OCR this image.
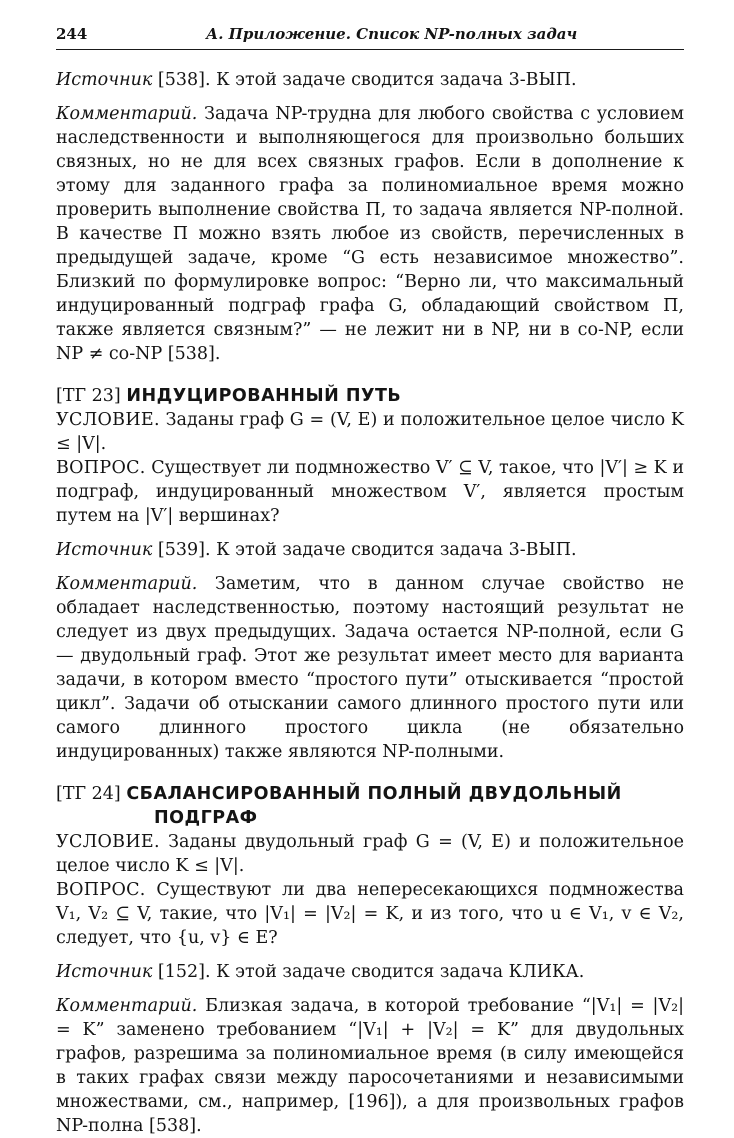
244	А. Приложение. Список NP-полных задач

Источник [538]. К этой задаче сводится задача 3-ВЫП.

Комментарий. Задача NP-трудна для любого свойства с условием наследственности и выполняющегося для произвольно больших связных, но не для всех связных графов. Если в дополнение к этому для заданного графа за полиномиальное время можно проверить выполнение свойства П, то задача является NP-полной. В качестве П можно взять любое из свойств, перечисленных в предыдущей задаче, кроме “G есть независимое множество”. Близкий по формулировке вопрос: “Верно ли, что максимальный индуцированный подграф графа G, обладающий свойством П, также является связным?” — не лежит ни в NP, ни в co-NP, если NP ≠ co-NP [538].

[ТГ 23] ИНДУЦИРОВАННЫЙ ПУТЬ

УСЛОВИЕ. Заданы граф G = (V, E) и положительное целое число K ≤ |V|.

ВОПРОС. Существует ли подмножество V′ ⊆ V, такое, что |V′| ≥ K и подграф, индуцированный множеством V′, является простым путем на |V′| вершинах?

Источник [539]. К этой задаче сводится задача 3-ВЫП.

Комментарий. Заметим, что в данном случае свойство не обладает наследственностью, поэтому настоящий результат не следует из двух предыдущих. Задача остается NP-полной, если G — двудольный граф. Этот же результат имеет место для варианта задачи, в котором вместо “простого пути” отыскивается “простой цикл”. Задачи об отыскании самого длинного простого пути или самого длинного простого цикла (не обязательно индуцированных) также являются NP-полными.

[ТГ 24] СБАЛАНСИРОВАННЫЙ ПОЛНЫЙ ДВУДОЛЬНЫЙ
ПОДГРАФ

УСЛОВИЕ. Заданы двудольный граф G = (V, E) и положительное целое число K ≤ |V|.

ВОПРОС. Существуют ли два непересекающихся подмножества V₁, V₂ ⊆ V, такие, что |V₁| = |V₂| = K, и из того, что u ∈ V₁, v ∈ V₂, следует, что {u, v} ∈ E?

Источник [152]. К этой задаче сводится задача КЛИКА.

Комментарий. Близкая задача, в которой требование “|V₁| = |V₂| = K” заменено требованием “|V₁| + |V₂| = K” для двудольных графов, разрешима за полиномиальное время (в силу имеющейся в таких графах связи между паросочетаниями и независимыми множествами, см., например, [196]), а для произвольных графов NP-полна [538].
